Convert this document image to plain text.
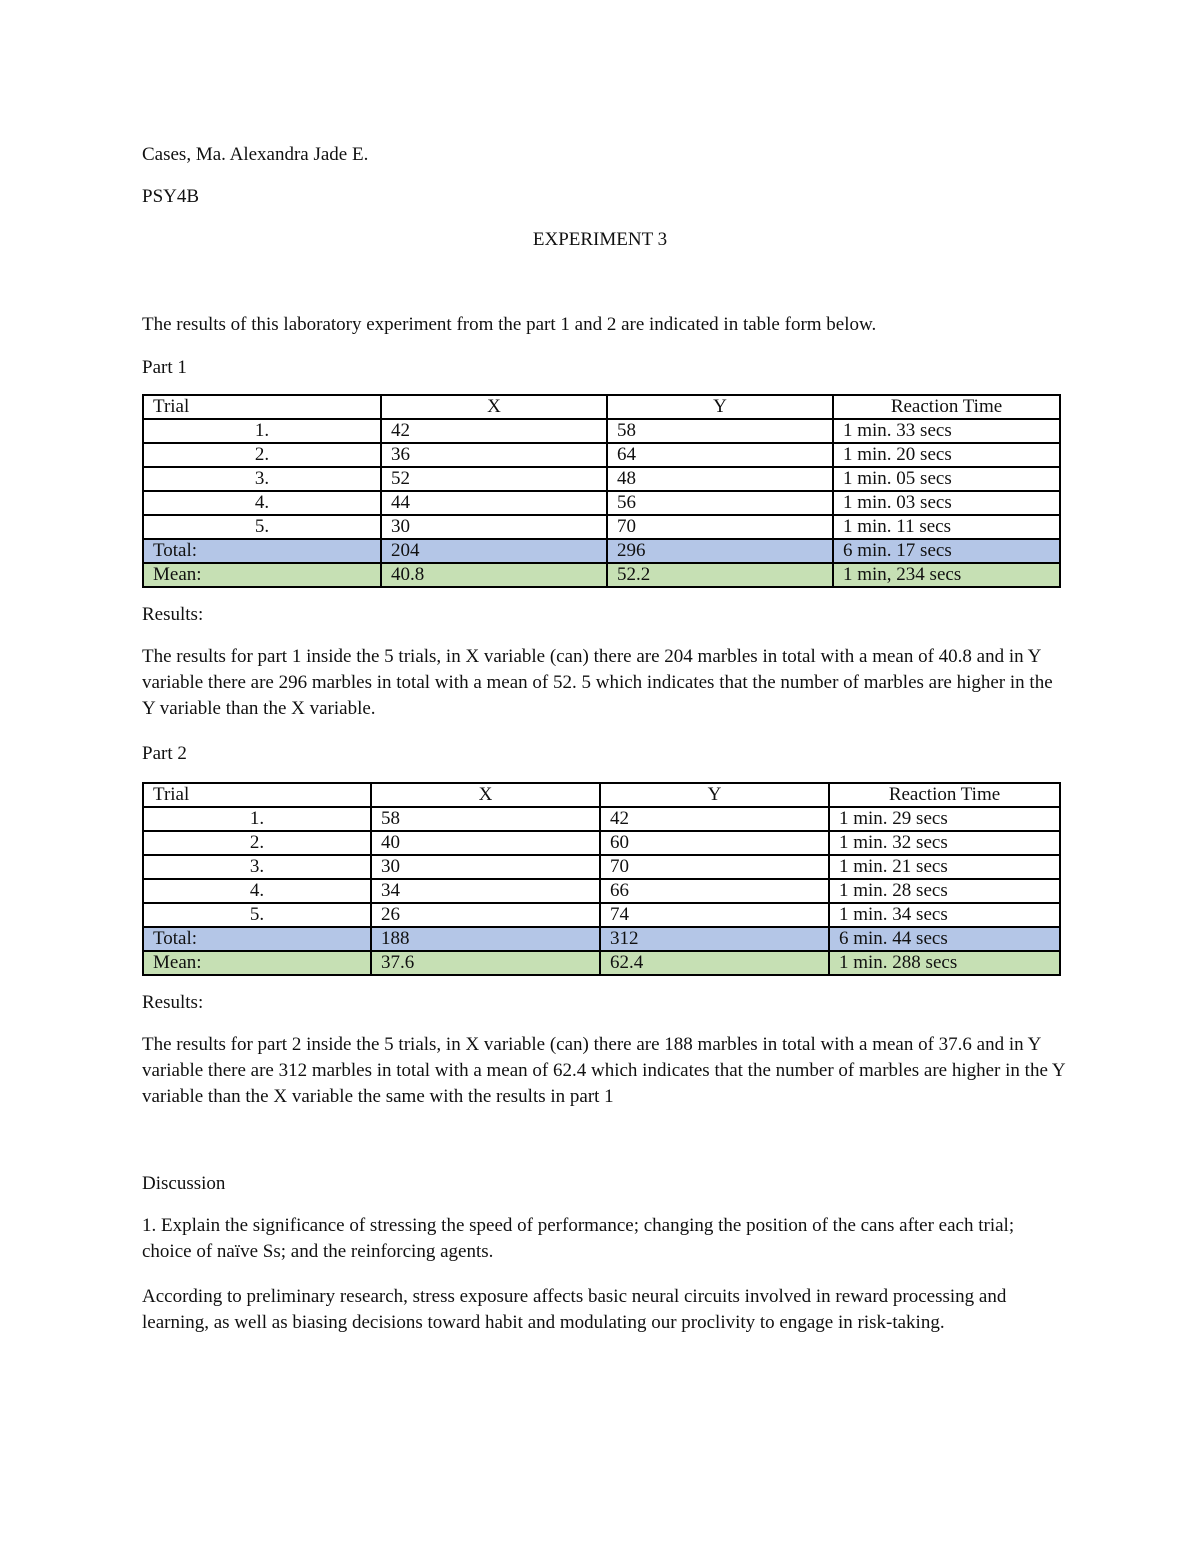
Cases, Ma. Alexandra Jade E.
PSY4B
EXPERIMENT 3
The results of this laboratory experiment from the part 1 and 2 are indicated in table form below.
Part 1
Trial	X	Y	Reaction Time
1.	42	58	1 min. 33 secs
2.	36	64	1 min. 20 secs
3.	52	48	1 min. 05 secs
4.	44	56	1 min. 03 secs
5.	30	70	1 min. 11 secs
Total:	204	296	6 min. 17 secs
Mean:	40.8	52.2	1 min, 234 secs
Results:
The results for part 1 inside the 5 trials, in X variable (can) there are 204 marbles in total with a mean of 40.8 and in Y variable there are 296 marbles in total with a mean of 52. 5 which indicates that the number of marbles are higher in the Y variable than the X variable.
Part 2
Trial	X	Y	Reaction Time
1.	58	42	1 min. 29 secs
2.	40	60	1 min. 32 secs
3.	30	70	1 min. 21 secs
4.	34	66	1 min. 28 secs
5.	26	74	1 min. 34 secs
Total:	188	312	6 min. 44 secs
Mean:	37.6	62.4	1 min. 288 secs
Results:
The results for part 2 inside the 5 trials, in X variable (can) there are 188 marbles in total with a mean of 37.6 and in Y variable there are 312 marbles in total with a mean of 62.4 which indicates that the number of marbles are higher in the Y variable than the X variable the same with the results in part 1
Discussion
1. Explain the significance of stressing the speed of performance; changing the position of the cans after each trial; choice of naïve Ss; and the reinforcing agents.
According to preliminary research, stress exposure affects basic neural circuits involved in reward processing and learning, as well as biasing decisions toward habit and modulating our proclivity to engage in risk-taking.
